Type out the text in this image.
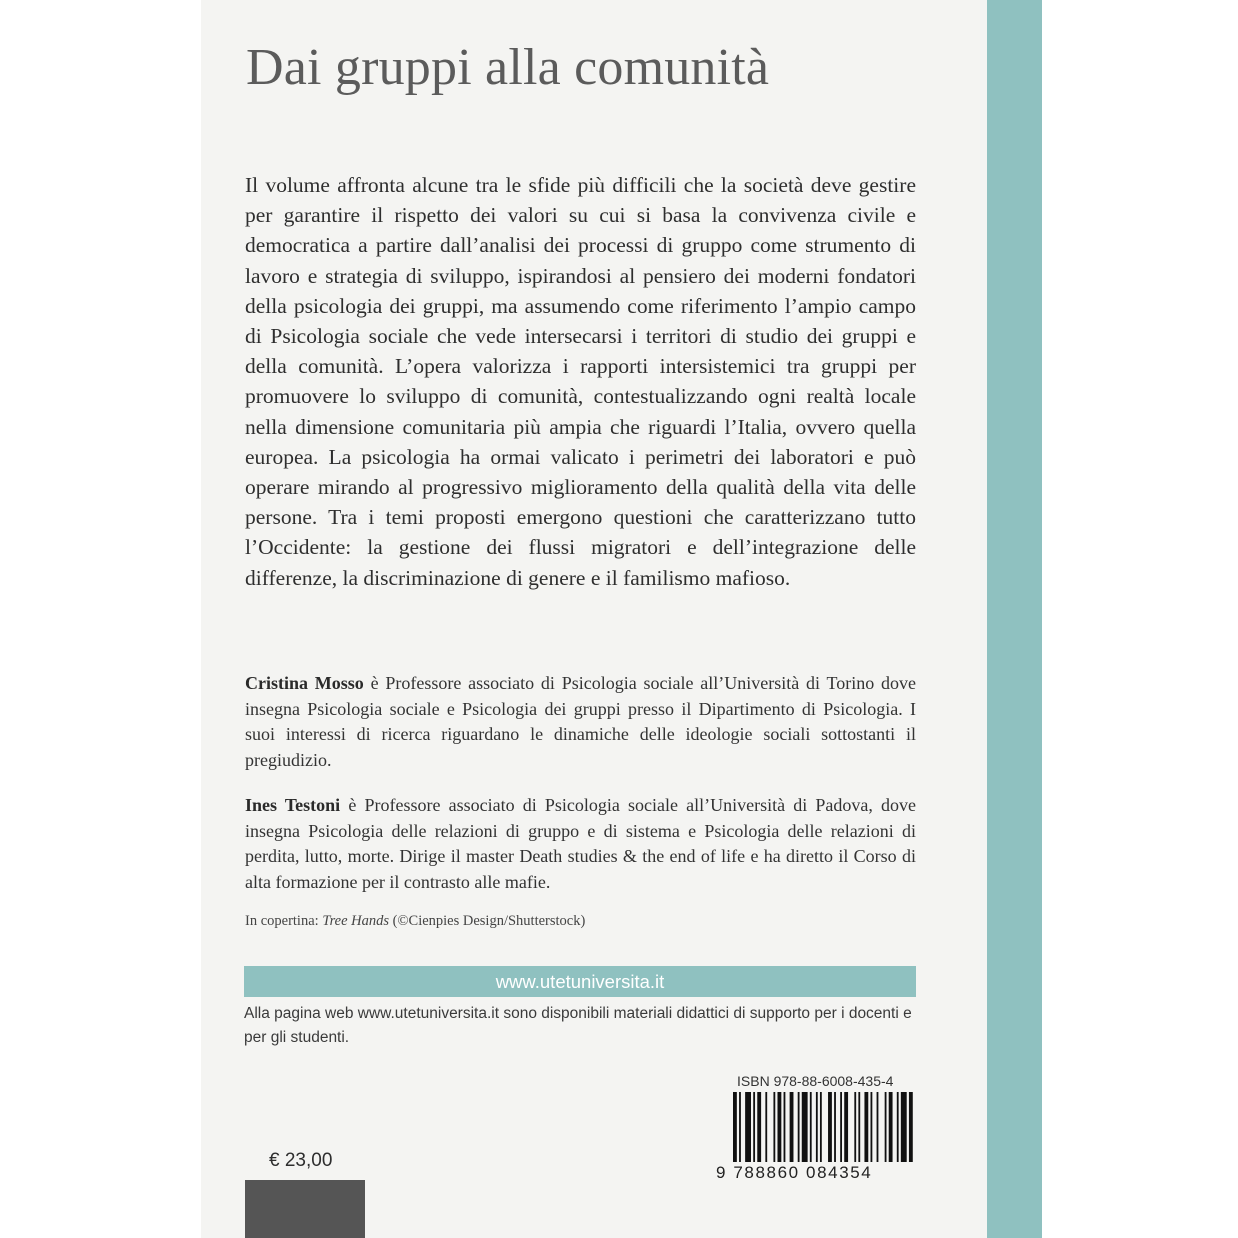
Dai gruppi alla comunità

Il volume affronta alcune tra le sfide più difficili che la società deve gestire per garantire il rispetto dei valori su cui si basa la convivenza civile e democratica a partire dall’analisi dei processi di gruppo come strumento di lavoro e strategia di sviluppo, ispirandosi al pensiero dei moderni fondatori della psicologia dei gruppi, ma assumendo come riferimento l’ampio campo di Psicologia sociale che vede intersecarsi i territori di studio dei gruppi e della comunità. L’opera valorizza i rapporti intersistemici tra gruppi per promuovere lo sviluppo di comunità, contestualizzando ogni realtà locale nella dimensione comunitaria più ampia che riguardi l’Italia, ovvero quella europea. La psicologia ha ormai valicato i perimetri dei laboratori e può operare mirando al progressivo miglioramento della qualità della vita delle persone. Tra i temi proposti emergono questioni che caratterizzano tutto l’Occidente: la gestione dei flussi migratori e dell’integrazione delle differenze, la discriminazione di genere e il familismo mafioso.

Cristina Mosso è Professore associato di Psicologia sociale all’Università di Torino dove insegna Psicologia sociale e Psicologia dei gruppi presso il Dipartimento di Psicologia. I suoi interessi di ricerca riguardano le dinamiche delle ideologie sociali sottostanti il pregiudizio.

Ines Testoni è Professore associato di Psicologia sociale all’Università di Padova, dove insegna Psicologia delle relazioni di gruppo e di sistema e Psicologia delle relazioni di perdita, lutto, morte. Dirige il master Death studies & the end of life e ha diretto il Corso di alta formazione per il contrasto alle mafie.

In copertina: Tree Hands (©Cienpies Design/Shutterstock)

www.utetuniversita.it

Alla pagina web www.utetuniversita.it sono disponibili materiali didattici di supporto per i docenti e per gli studenti.

ISBN 978-88-6008-435-4
9 788860 084354
€ 23,00
